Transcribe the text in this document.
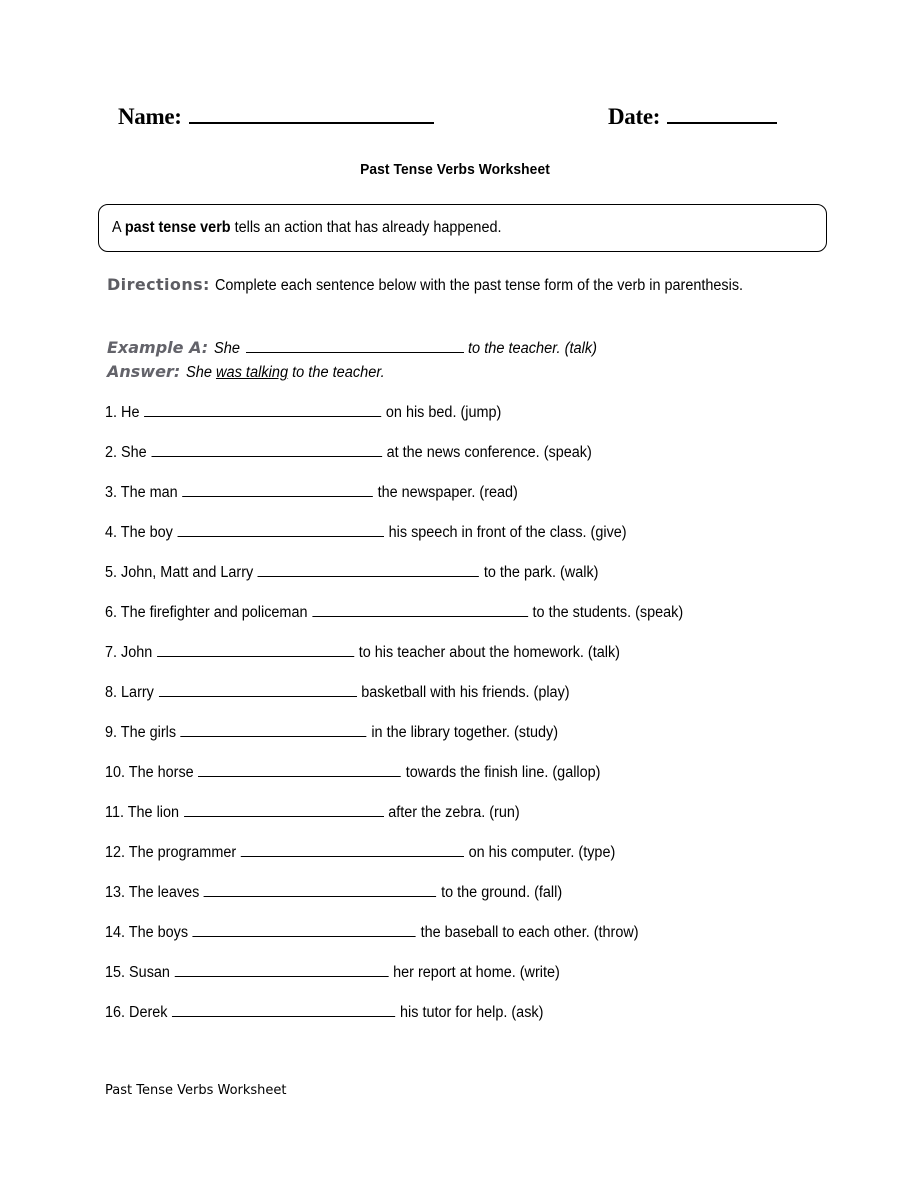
Name:	Date:
Past Tense Verbs Worksheet
A past tense verb tells an action that has already happened.
Directions: Complete each sentence below with the past tense form of the verb in parenthesis.
Example A: She	to the teacher. (talk)
Answer: She was talking to the teacher.
1. He	on his bed. (jump)
2. She	at the news conference. (speak)
3. The man	the newspaper. (read)
4. The boy	his speech in front of the class. (give)
5. John, Matt and Larry	to the park. (walk)
6. The firefighter and policeman	to the students. (speak)
7. John	to his teacher about the homework. (talk)
8. Larry	basketball with his friends. (play)
9. The girls	in the library together. (study)
10. The horse	towards the finish line. (gallop)
11. The lion	after the zebra. (run)
12. The programmer	on his computer. (type)
13. The leaves	to the ground. (fall)
14. The boys	the baseball to each other. (throw)
15. Susan	her report at home. (write)
16. Derek	his tutor for help. (ask)
Past Tense Verbs Worksheet
